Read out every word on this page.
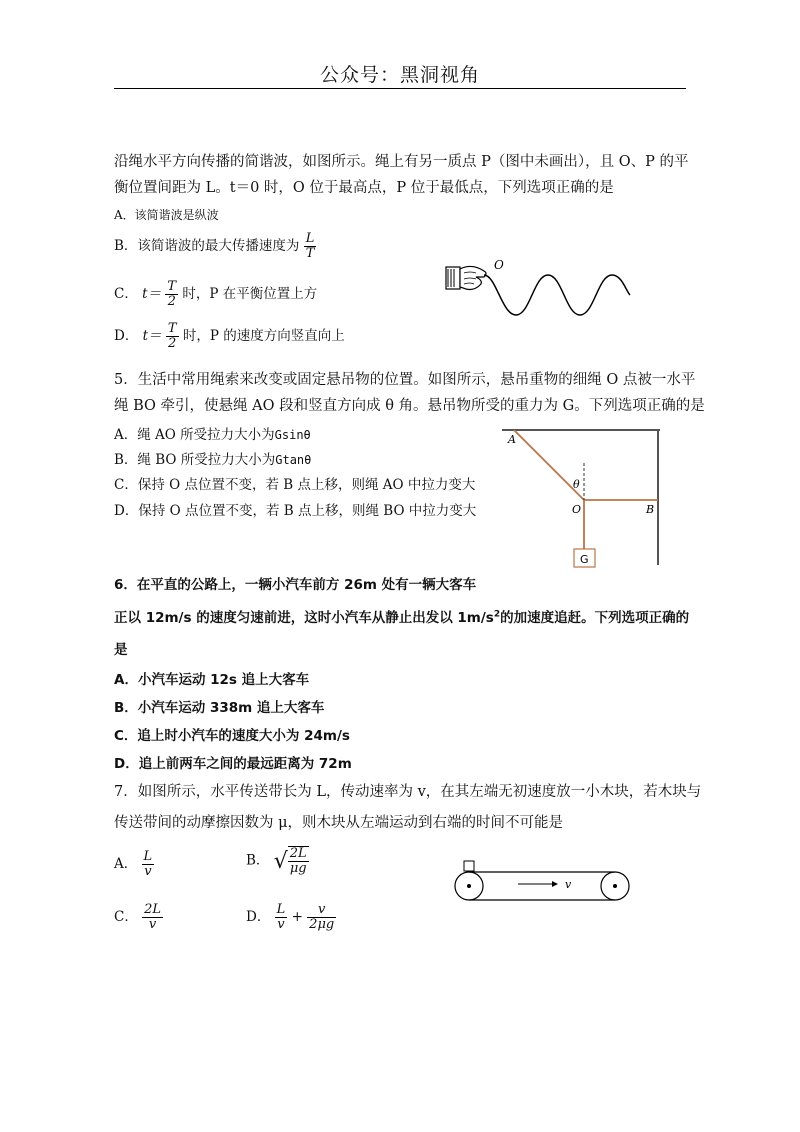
公众号：黑洞视角
沿绳水平方向传播的简谐波，如图所示。绳上有另一质点 P（图中未画出），且 O、P 的平
衡位置间距为 L。t＝0 时，O 位于最高点，P 位于最低点，下列选项正确的是
A．该简谐波是纵波
B．该简谐波的最大传播速度为 $\frac{L}{T}$
C． $t= \frac{T}{2}$ 时，P 在平衡位置上方
D． $t= \frac{T}{2}$ 时，P 的速度方向竖直向上
O
5．生活中常用绳索来改变或固定悬吊物的位置。如图所示，悬吊重物的细绳 O 点被一水平
绳 BO 牵引，使悬绳 AO 段和竖直方向成 θ 角。悬吊物所受的重力为 G。下列选项正确的是
A．绳 AO 所受拉力大小为Gsinθ
B．绳 BO 所受拉力大小为Gtanθ
C．保持 O 点位置不变，若 B 点上移，则绳 AO 中拉力变大
D．保持 O 点位置不变，若 B 点上移，则绳 BO 中拉力变大
A
θ
O	B
G
6．在平直的公路上，一辆小汽车前方 26m 处有一辆大客车
正以 12m/s 的速度匀速前进，这时小汽车从静止出发以 $1m/s^2$的加速度追赶。下列选项正确的
是
A．小汽车运动 12s 追上大客车
B．小汽车运动 338m 追上大客车
C．追上时小汽车的速度大小为 24m/s
D．追上前两车之间的最远距离为 72m
7．如图所示，水平传送带长为 L，传动速率为 v，在其左端无初速度放一小木块，若木块与
传送带间的动摩擦因数为 μ，则木块从左端运动到右端的时间不可能是
A． $\frac{L}{v}$	B． √ $\frac{2L}{\mu g}$
C． $\frac{2L}{v}$	D． $\frac{L}{v} + \frac{v}{2\mu g}$
v
